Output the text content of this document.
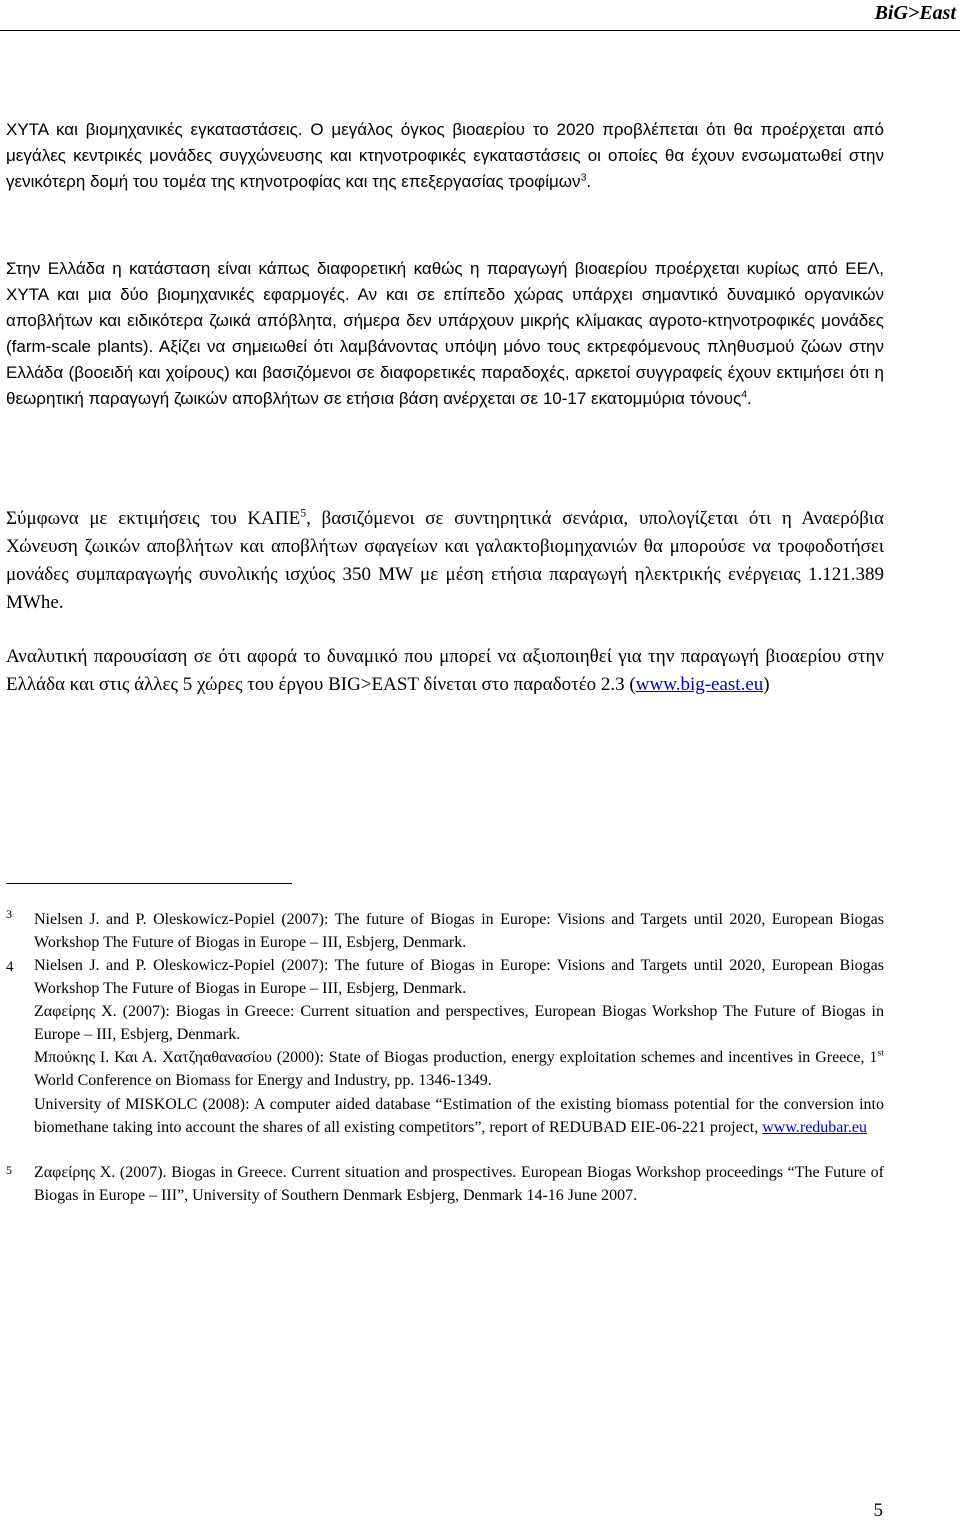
BiG>East

ΧΥΤΑ και βιομηχανικές εγκαταστάσεις. Ο μεγάλος όγκος βιοαερίου το 2020 προβλέπεται ότι θα προέρχεται από μεγάλες κεντρικές μονάδες συγχώνευσης και κτηνοτροφικές εγκαταστάσεις οι οποίες θα έχουν ενσωματωθεί στην γενικότερη δομή του τομέα της κτηνοτροφίας και της επεξεργασίας τροφίμων$^3$.

Στην Ελλάδα η κατάσταση είναι κάπως διαφορετική καθώς η παραγωγή βιοαερίου προέρχεται κυρίως από ΕΕΛ, ΧΥΤΑ και μια δύο βιομηχανικές εφαρμογές. Αν και σε επίπεδο χώρας υπάρχει σημαντικό δυναμικό οργανικών αποβλήτων και ειδικότερα ζωικά απόβλητα, σήμερα δεν υπάρχουν μικρής κλίμακας αγροτο-κτηνοτροφικές μονάδες (farm-scale plants). Αξίζει να σημειωθεί ότι λαμβάνοντας υπόψη μόνο τους εκτρεφόμενους πληθυσμού ζώων στην Ελλάδα (βοοειδή και χοίρους) και βασιζόμενοι σε διαφορετικές παραδοχές, αρκετοί συγγραφείς έχουν εκτιμήσει ότι η θεωρητική παραγωγή ζωικών αποβλήτων σε ετήσια βάση ανέρχεται σε 10-17 εκατομμύρια τόνους$^4$.

Σύμφωνα με εκτιμήσεις του ΚΑΠΕ$^5$, βασιζόμενοι σε συντηρητικά σενάρια, υπολογίζεται ότι η Αναερόβια Χώνευση ζωικών αποβλήτων και αποβλήτων σφαγείων και γαλακτοβιομηχανιών θα μπορούσε να τροφοδοτήσει μονάδες συμπαραγωγής συνολικής ισχύος 350 MW με μέση ετήσια παραγωγή ηλεκτρικής ενέργειας 1.121.389 MWhe.

Αναλυτική παρουσίαση σε ότι αφορά το δυναμικό που μπορεί να αξιοποιηθεί για την παραγωγή βιοαερίου στην Ελλάδα και στις άλλες 5 χώρες του έργου BIG>EAST δίνεται στο παραδοτέο 2.3 (www.big-east.eu)

3 Nielsen J. and P. Oleskowicz-Popiel (2007): The future of Biogas in Europe: Visions and Targets until 2020, European Biogas Workshop The Future of Biogas in Europe – III, Esbjerg, Denmark.

4 Nielsen J. and P. Oleskowicz-Popiel (2007): The future of Biogas in Europe: Visions and Targets until 2020, European Biogas Workshop The Future of Biogas in Europe – III, Esbjerg, Denmark.

Ζαφείρης Χ. (2007): Biogas in Greece: Current situation and perspectives, European Biogas Workshop The Future of Biogas in Europe – III, Esbjerg, Denmark.

Μπούκης Ι. Και Α. Χατζηαθανασίου (2000): State of Biogas production, energy exploitation schemes and incentives in Greece, 1st World Conference on Biomass for Energy and Industry, pp. 1346-1349.

University of MISKOLC (2008): A computer aided database “Estimation of the existing biomass potential for the conversion into biomethane taking into account the shares of all existing competitors”, report of REDUBAD EIE-06-221 project, www.redubar.eu

5 Ζαφείρης Χ. (2007). Biogas in Greece. Current situation and prospectives. European Biogas Workshop proceedings “The Future of Biogas in Europe – III”, University of Southern Denmark Esbjerg, Denmark 14-16 June 2007.

5
